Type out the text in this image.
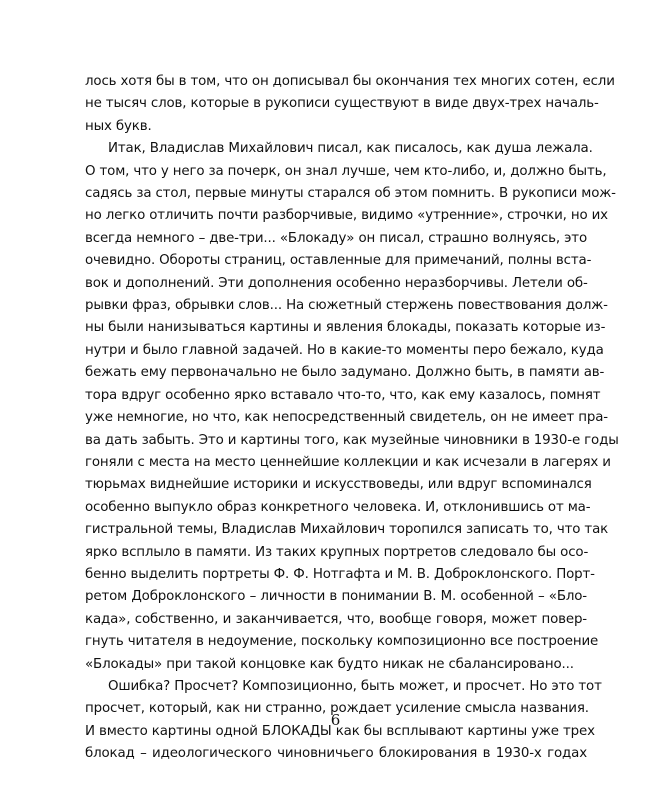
лось хотя бы в том, что он дописывал бы окончания тех многих сотен, если
не тысяч слов, которые в рукописи существуют в виде двух-трех началь-
ных букв.

Итак, Владислав Михайлович писал, как писалось, как душа лежала.
О том, что у него за почерк, он знал лучше, чем кто-либо, и, должно быть,
садясь за стол, первые минуты старался об этом помнить. В рукописи мож-
но легко отличить почти разборчивые, видимо «утренние», строчки, но их
всегда немного – две-три... «Блокаду» он писал, страшно волнуясь, это
очевидно. Обороты страниц, оставленные для примечаний, полны вста-
вок и дополнений. Эти дополнения особенно неразборчивы. Летели об-
рывки фраз, обрывки слов... На сюжетный стержень повествования долж-
ны были нанизываться картины и явления блокады, показать которые из-
нутри и было главной задачей. Но в какие-то моменты перо бежало, куда
бежать ему первоначально не было задумано. Должно быть, в памяти ав-
тора вдруг особенно ярко вставало что-то, что, как ему казалось, помнят
уже немногие, но что, как непосредственный свидетель, он не имеет пра-
ва дать забыть. Это и картины того, как музейные чиновники в 1930-е годы
гоняли с места на место ценнейшие коллекции и как исчезали в лагерях и
тюрьмах виднейшие историки и искусствоведы, или вдруг вспоминался
особенно выпукло образ конкретного человека. И, отклонившись от ма-
гистральной темы, Владислав Михайлович торопился записать то, что так
ярко всплыло в памяти. Из таких крупных портретов следовало бы осо-
бенно выделить портреты Ф. Ф. Нотгафта и М. В. Доброклонского. Порт-
ретом Доброклонского – личности в понимании В. М. особенной – «Бло-
када», собственно, и заканчивается, что, вообще говоря, может повер-
гнуть читателя в недоумение, поскольку композиционно все построение
«Блокады» при такой концовке как будто никак не сбалансировано...

Ошибка? Просчет? Композиционно, быть может, и просчет. Но это тот
просчет, который, как ни странно, рождает усиление смысла названия.
И вместо картины одной БЛОКАДЫ как бы всплывают картины уже трех
блокад – идеологического чиновничьего блокирования в 1930-х годах

6
